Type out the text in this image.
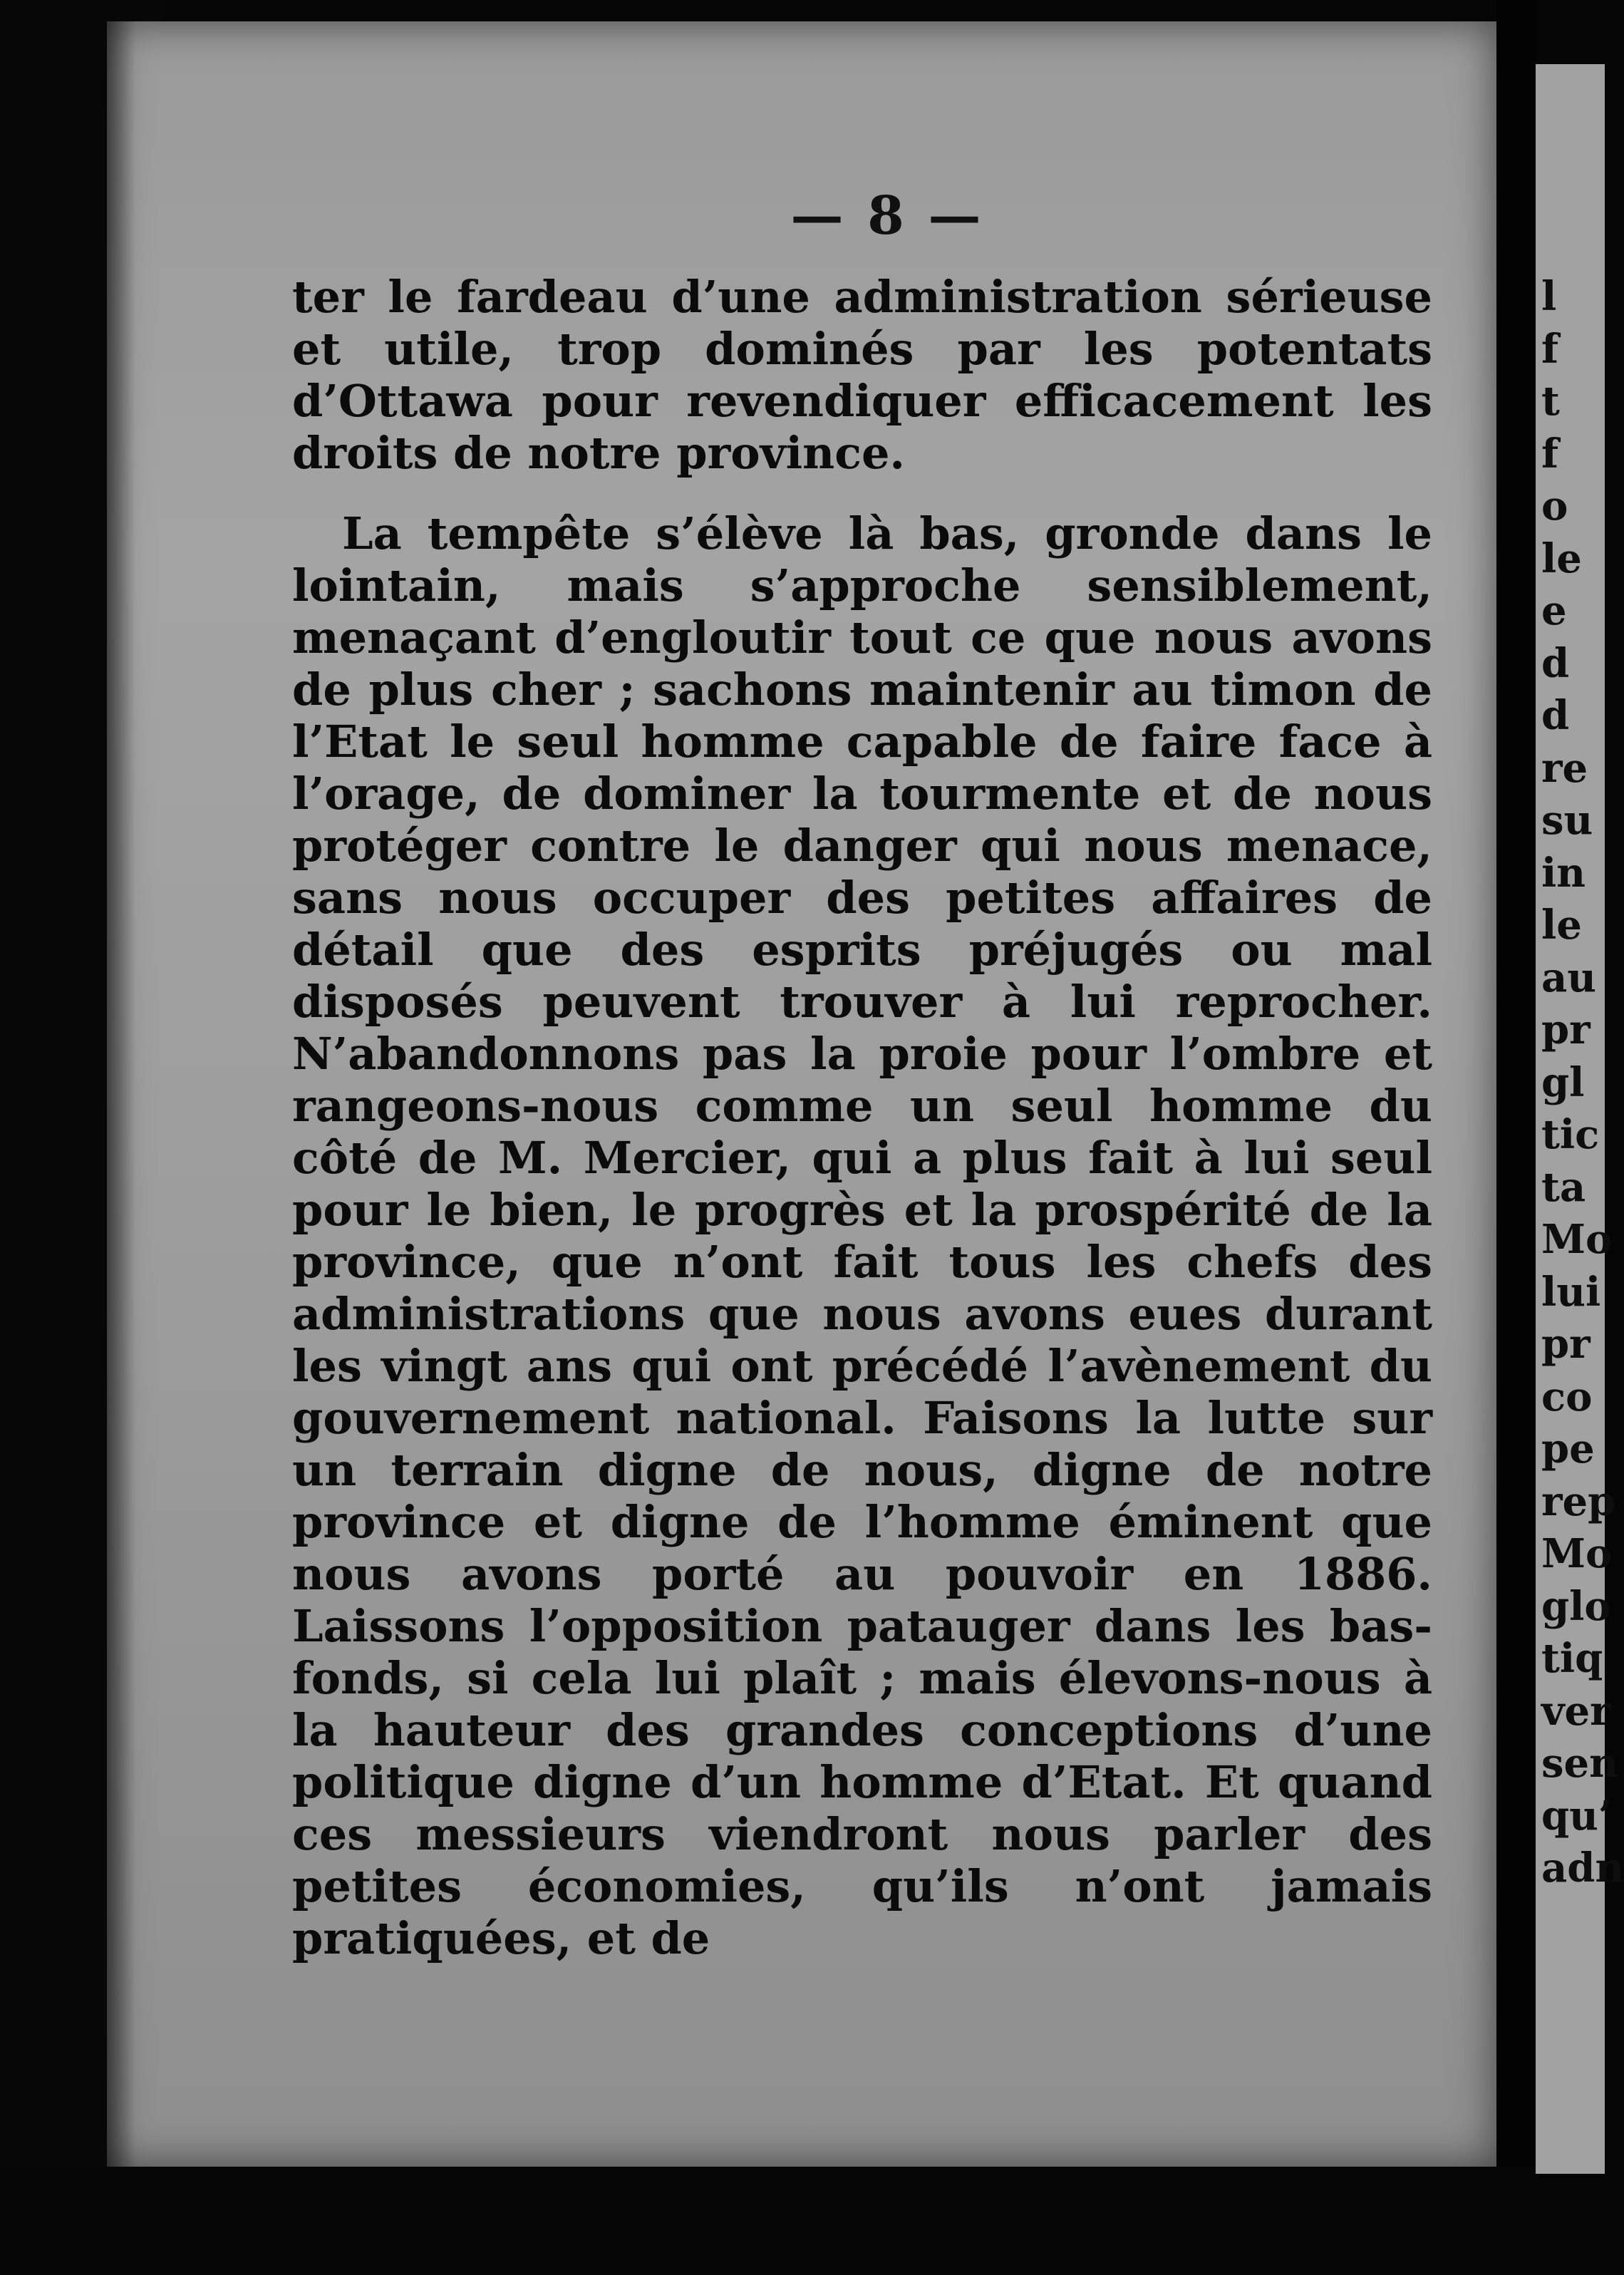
— 8 —

ter le fardeau d’une administration sérieuse et utile, trop dominés par les potentats d’Ottawa pour revendiquer efficacement les droits de notre province.

La tempête s’élève là bas, gronde dans le lointain, mais s’approche sensiblement, menaçant d’engloutir tout ce que nous avons de plus cher ; sachons maintenir au timon de l’Etat le seul homme capable de faire face à l’orage, de dominer la tourmente et de nous protéger contre le danger qui nous menace, sans nous occuper des petites affaires de détail que des esprits préjugés ou mal disposés peuvent trouver à lui reprocher. N’abandonnons pas la proie pour l’ombre et rangeons-nous comme un seul homme du côté de M. Mercier, qui a plus fait à lui seul pour le bien, le progrès et la prospérité de la province, que n’ont fait tous les chefs des administrations que nous avons eues durant les vingt ans qui ont précédé l’avènement du gouvernement national. Faisons la lutte sur un terrain digne de nous, digne de notre province et digne de l’homme éminent que nous avons porté au pouvoir en 1886. Laissons l’opposition patauger dans les bas-fonds, si cela lui plaît ; mais élevons-nous à la hauteur des grandes conceptions d’une politique digne d’un homme d’Etat. Et quand ces messieurs viendront nous parler des petites économies, qu’ils n’ont jamais pratiquées, et de

l
f
t
f
o
le
e
d
d
re
su
in
le
au
pr
gl
tic
ta
Mo
lui
pr
co
pe
rep
Mo
glo
tiq
ver
sen
qu’
adn
